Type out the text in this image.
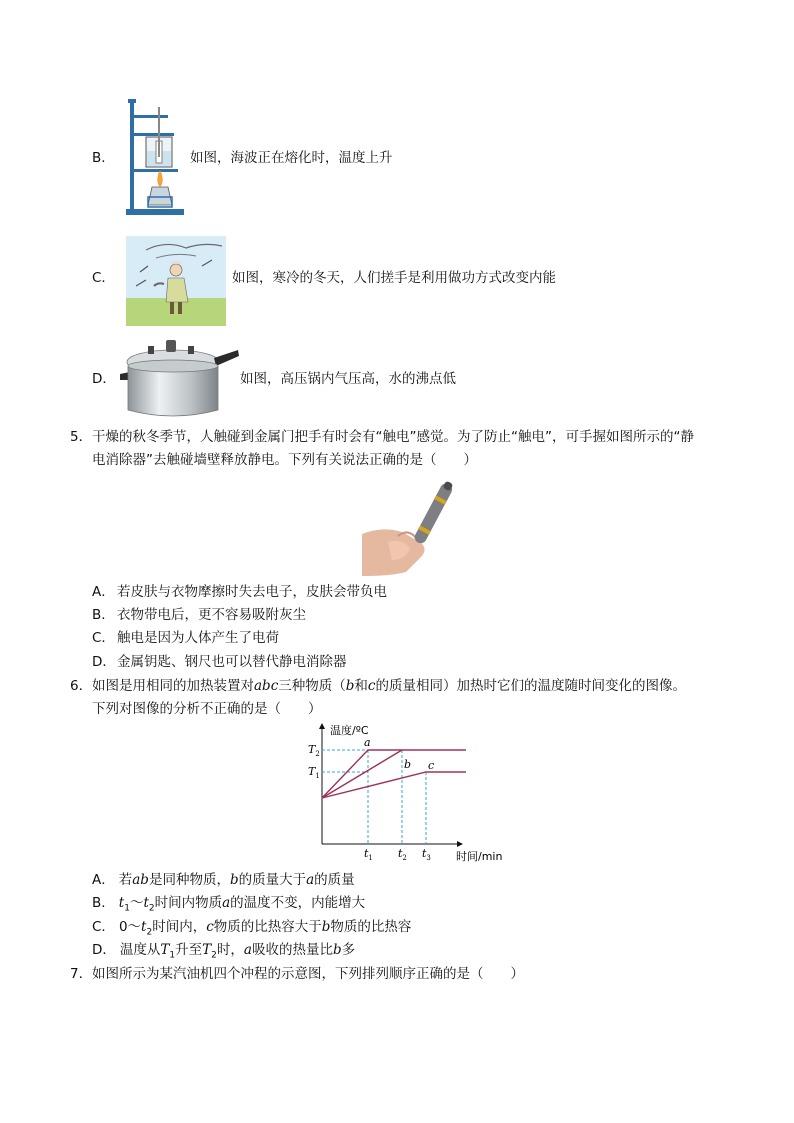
B．	如图，海波正在熔化时，温度上升
C．	如图，寒冷的冬天，人们搓手是利用做功方式改变内能
D．	如图，高压锅内气压高，水的沸点低
5． 干燥的秋冬季节，人触碰到金属门把手有时会有“触电”感觉。为了防止“触电”，可手握如图所示的“静
电消除器”去触碰墙壁释放静电。下列有关说法正确的是（　　）
A． 若皮肤与衣物摩擦时失去电子，皮肤会带负电
B． 衣物带电后，更不容易吸附灰尘
C． 触电是因为人体产生了电荷
D． 金属钥匙、钢尺也可以替代静电消除器
6． 如图是用相同的加热装置对abc三种物质（b和c的质量相同）加热时它们的温度随时间变化的图像。
下列对图像的分析不正确的是（　　）
温度/ºC
时间/min
$T_2$
$T_1$
$t_1$ $t_2$ $t_3$
a
b c
A． 若ab是同种物质，b的质量大于a的质量
B． $t_1\sim t_2$时间内物质a的温度不变，内能增大
C． $0\sim t_2$时间内，c物质的比热容大于b物质的比热容
D． 温度从$T_1$升至$T_2$时，a吸收的热量比b多
7． 如图所示为某汽油机四个冲程的示意图，下列排列顺序正确的是（　　）
